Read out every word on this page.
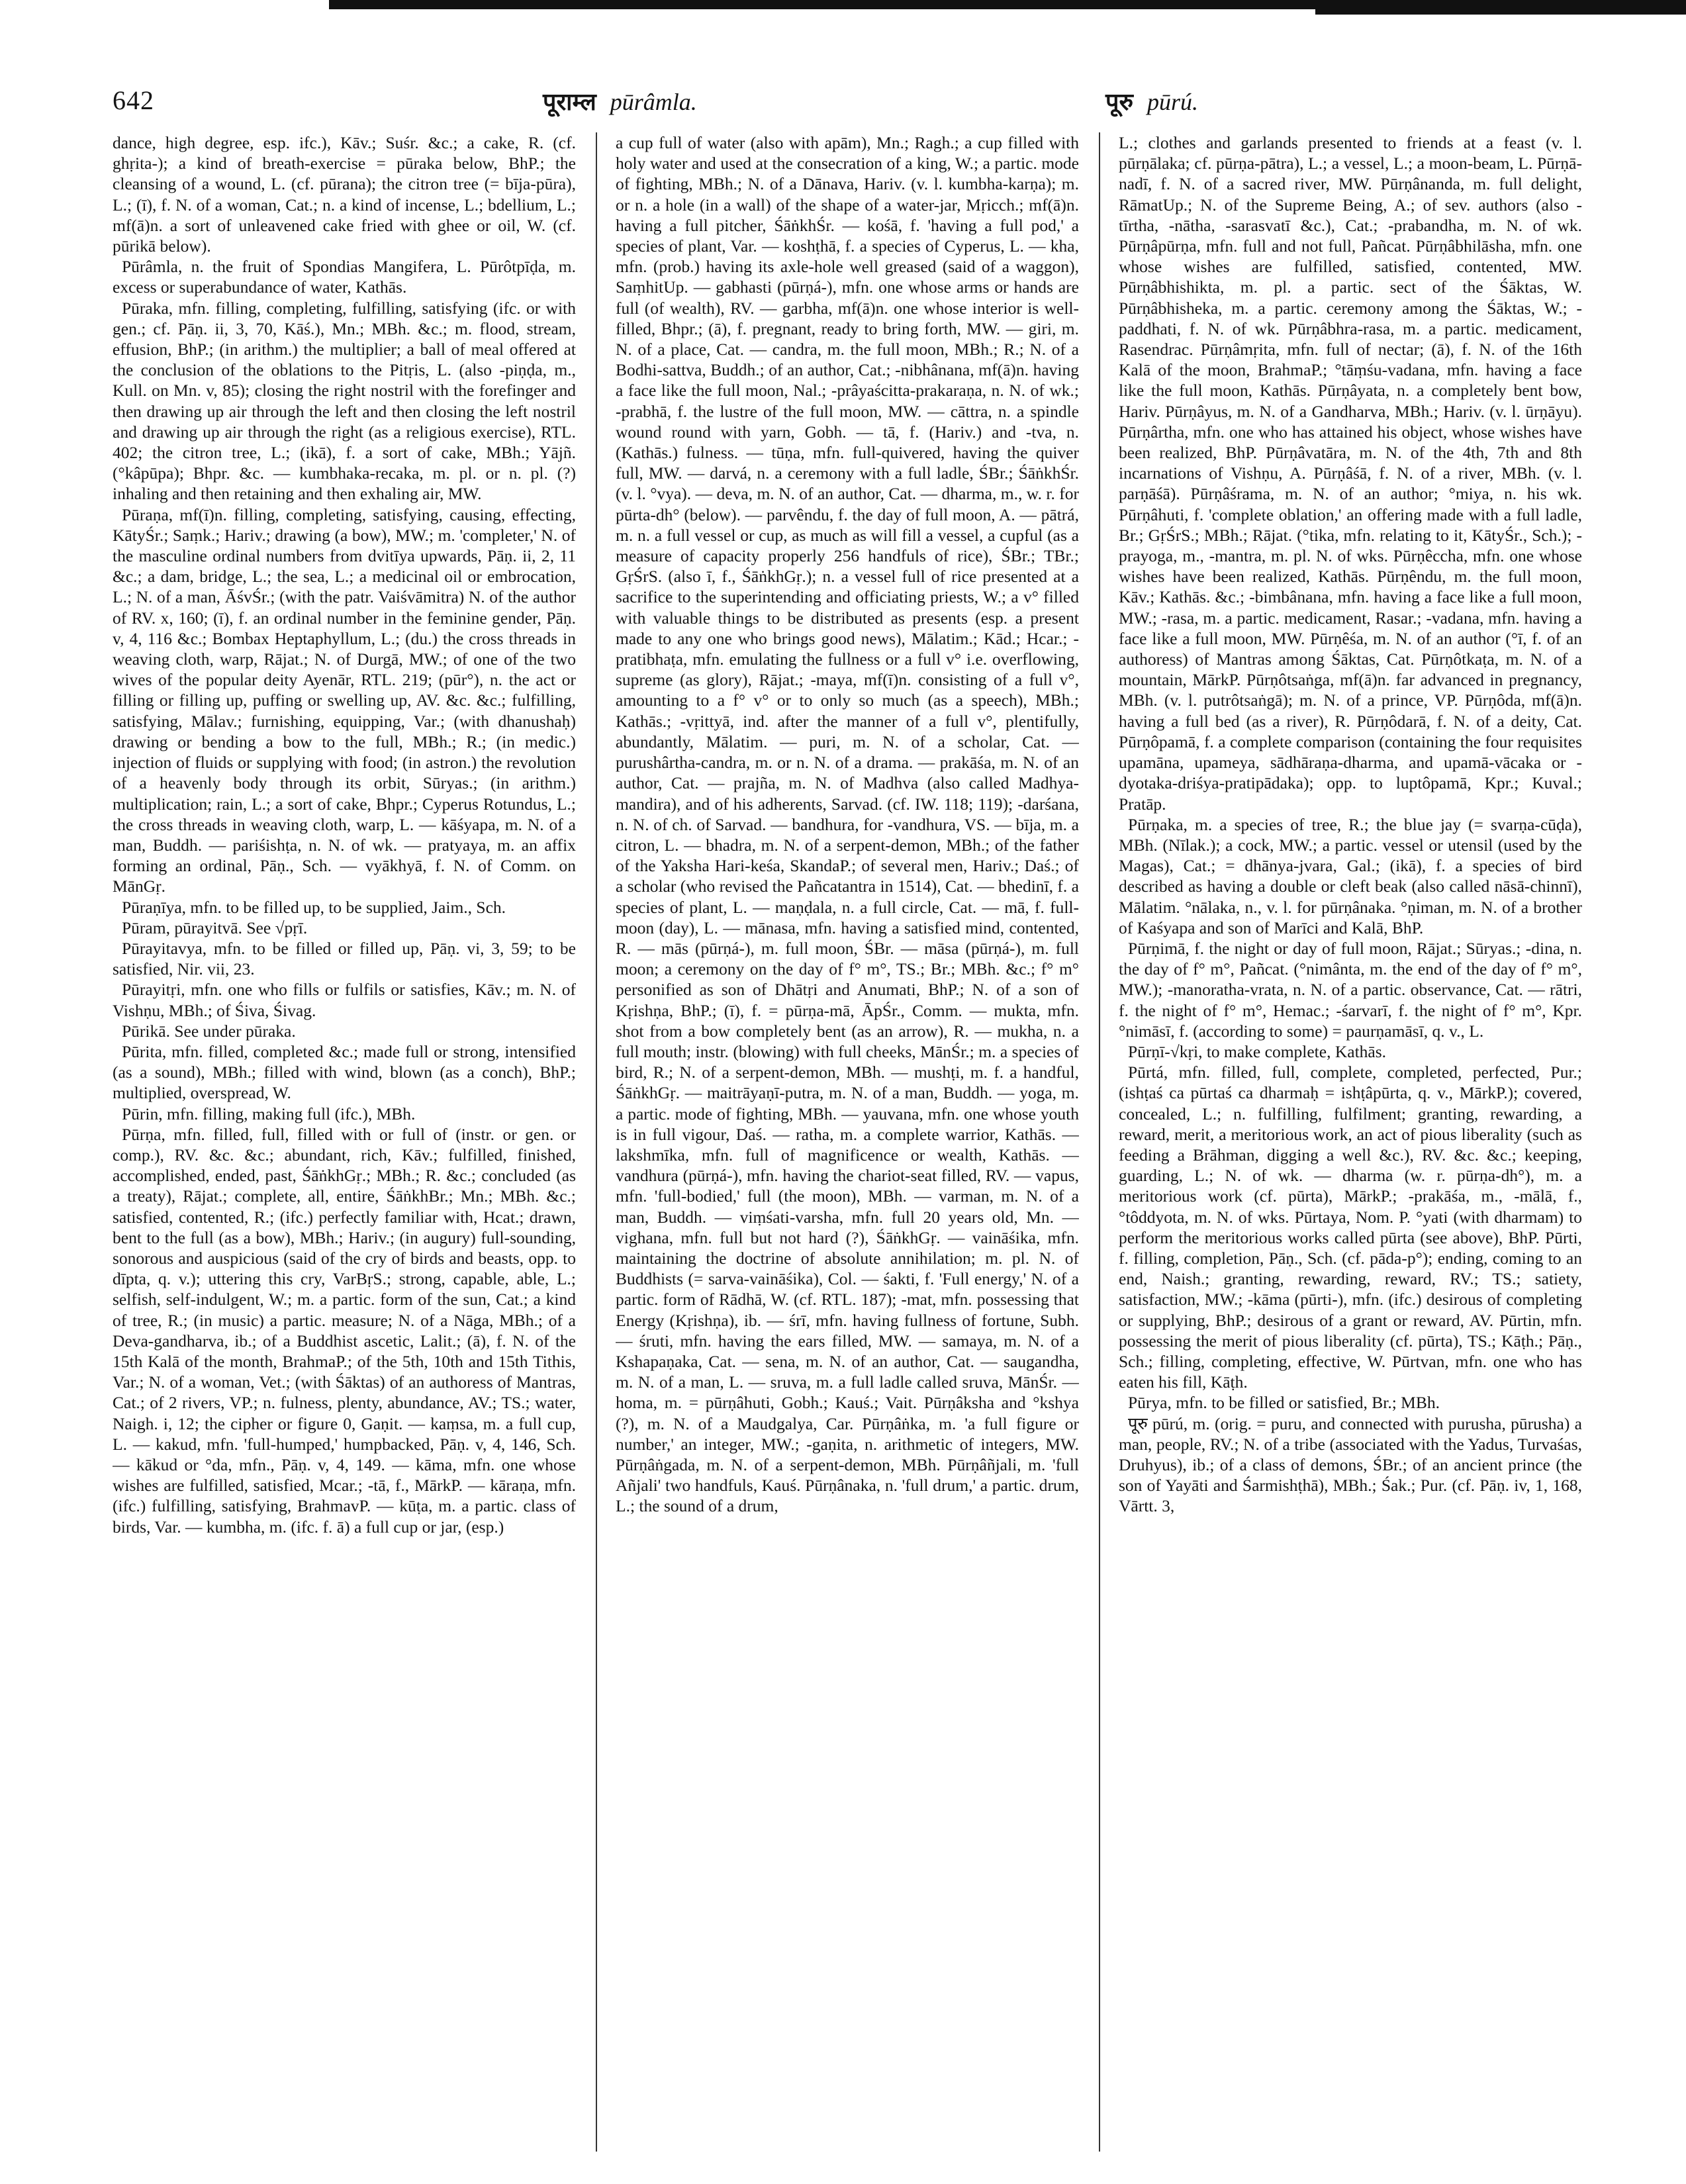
642	पूराम्ल pūrâmla.	पूरु pūrú.

dance, high degree, esp. ifc.), Kāv.; Suśr. &c.; a cake, R. (cf. ghṛita-); a kind of breath-exercise = pūraka below, BhP.; the cleansing of a wound, L. (cf. pūrana); the citron tree (= bīja-pūra), L.; (ī), f. N. of a woman, Cat.; n. a kind of incense, L.; bdellium, L.; mf(ā)n. a sort of unleavened cake fried with ghee or oil, W. (cf. pūrikā below).

Pūrâmla, n. the fruit of Spondias Mangifera, L. Pūrôtpīḍa, m. excess or superabundance of water, Kathās.

Pūraka, mfn. filling, completing, fulfilling, satisfying (ifc. or with gen.; cf. Pāṇ. ii, 3, 70, Kāś.), Mn.; MBh. &c.; m. flood, stream, effusion, BhP.; (in arithm.) the multiplier; a ball of meal offered at the conclusion of the oblations to the Pitṛis, L. (also -piṇḍa, m., Kull. on Mn. v, 85); closing the right nostril with the forefinger and then drawing up air through the left and then closing the left nostril and drawing up air through the right (as a religious exercise), RTL. 402; the citron tree, L.; (ikā), f. a sort of cake, MBh.; Yājñ. (°kâpūpa); Bhpr. &c. — kumbhaka-recaka, m. pl. or n. pl. (?) inhaling and then retaining and then exhaling air, MW.

Pūraṇa, mf(ī)n. filling, completing, satisfying, causing, effecting, KātyŚr.; Saṃk.; Hariv.; drawing (a bow), MW.; m. 'completer,' N. of the masculine ordinal numbers from dvitīya upwards, Pāṇ. ii, 2, 11 &c.; a dam, bridge, L.; the sea, L.; a medicinal oil or embrocation, L.; N. of a man, ĀśvŚr.; (with the patr. Vaiśvāmitra) N. of the author of RV. x, 160; (ī), f. an ordinal number in the feminine gender, Pāṇ. v, 4, 116 &c.; Bombax Heptaphyllum, L.; (du.) the cross threads in weaving cloth, warp, Rājat.; N. of Durgā, MW.; of one of the two wives of the popular deity Ayenār, RTL. 219; (pūr°), n. the act or filling or filling up, puffing or swelling up, AV. &c. &c.; fulfilling, satisfying, Mālav.; furnishing, equipping, Var.; (with dhanushaḥ) drawing or bending a bow to the full, MBh.; R.; (in medic.) injection of fluids or supplying with food; (in astron.) the revolution of a heavenly body through its orbit, Sūryas.; (in arithm.) multiplication; rain, L.; a sort of cake, Bhpr.; Cyperus Rotundus, L.; the cross threads in weaving cloth, warp, L. — kāśyapa, m. N. of a man, Buddh. — pariśishṭa, n. N. of wk. — pratyaya, m. an affix forming an ordinal, Pāṇ., Sch. — vyākhyā, f. N. of Comm. on MānGṛ.

Pūraṇīya, mfn. to be filled up, to be supplied, Jaim., Sch.

Pūram, pūrayitvā. See √pṛī.

Pūrayitavya, mfn. to be filled or filled up, Pāṇ. vi, 3, 59; to be satisfied, Nir. vii, 23.

Pūrayitṛi, mfn. one who fills or fulfils or satisfies, Kāv.; m. N. of Vishṇu, MBh.; of Śiva, Śivag.

Pūrikā. See under pūraka.

Pūrita, mfn. filled, completed &c.; made full or strong, intensified (as a sound), MBh.; filled with wind, blown (as a conch), BhP.; multiplied, overspread, W.

Pūrin, mfn. filling, making full (ifc.), MBh.

Pūrṇa, mfn. filled, full, filled with or full of (instr. or gen. or comp.), RV. &c. &c.; abundant, rich, Kāv.; fulfilled, finished, accomplished, ended, past, ŚāṅkhGṛ.; MBh.; R. &c.; concluded (as a treaty), Rājat.; complete, all, entire, ŚāṅkhBr.; Mn.; MBh. &c.; satisfied, contented, R.; (ifc.) perfectly familiar with, Hcat.; drawn, bent to the full (as a bow), MBh.; Hariv.; (in augury) full-sounding, sonorous and auspicious (said of the cry of birds and beasts, opp. to dīpta, q. v.); uttering this cry, VarBṛS.; strong, capable, able, L.; selfish, self-indulgent, W.; m. a partic. form of the sun, Cat.; a kind of tree, R.; (in music) a partic. measure; N. of a Nāga, MBh.; of a Deva-gandharva, ib.; of a Buddhist ascetic, Lalit.; (ā), f. N. of the 15th Kalā of the month, BrahmaP.; of the 5th, 10th and 15th Tithis, Var.; N. of a woman, Vet.; (with Śāktas) of an authoress of Mantras, Cat.; of 2 rivers, VP.; n. fulness, plenty, abundance, AV.; TS.; water, Naigh. i, 12; the cipher or figure 0, Gaṇit. — kaṃsa, m. a full cup, L. — kakud, mfn. 'full-humped,' humpbacked, Pāṇ. v, 4, 146, Sch. — kākud or °da, mfn., Pāṇ. v, 4, 149. — kāma, mfn. one whose wishes are fulfilled, satisfied, Mcar.; -tā, f., MārkP. — kāraṇa, mfn. (ifc.) fulfilling, satisfying, BrahmavP. — kūṭa, m. a partic. class of birds, Var. — kumbha, m. (ifc. f. ā) a full cup or jar, (esp.)

a cup full of water (also with apām), Mn.; Ragh.; a cup filled with holy water and used at the consecration of a king, W.; a partic. mode of fighting, MBh.; N. of a Dānava, Hariv. (v. l. kumbha-karṇa); m. or n. a hole (in a wall) of the shape of a water-jar, Mṛicch.; mf(ā)n. having a full pitcher, ŚāṅkhŚr. — kośā, f. 'having a full pod,' a species of plant, Var. — koshṭhā, f. a species of Cyperus, L. — kha, mfn. (prob.) having its axle-hole well greased (said of a waggon), SaṃhitUp. — gabhasti (pūrṇá-), mfn. one whose arms or hands are full (of wealth), RV. — garbha, mf(ā)n. one whose interior is well-filled, Bhpr.; (ā), f. pregnant, ready to bring forth, MW. — giri, m. N. of a place, Cat. — candra, m. the full moon, MBh.; R.; N. of a Bodhi-sattva, Buddh.; of an author, Cat.; -nibhânana, mf(ā)n. having a face like the full moon, Nal.; -prâyaścitta-prakaraṇa, n. N. of wk.; -prabhā, f. the lustre of the full moon, MW. — cāttra, n. a spindle wound round with yarn, Gobh. — tā, f. (Hariv.) and -tva, n. (Kathās.) fulness. — tūṇa, mfn. full-quivered, having the quiver full, MW. — darvá, n. a ceremony with a full ladle, ŚBr.; ŚāṅkhŚr. (v. l. °vya). — deva, m. N. of an author, Cat. — dharma, m., w. r. for pūrta-dh° (below). — parvêndu, f. the day of full moon, A. — pātrá, m. n. a full vessel or cup, as much as will fill a vessel, a cupful (as a measure of capacity properly 256 handfuls of rice), ŚBr.; TBr.; GṛŚrS. (also ī, f., ŚāṅkhGṛ.); n. a vessel full of rice presented at a sacrifice to the superintending and officiating priests, W.; a v° filled with valuable things to be distributed as presents (esp. a present made to any one who brings good news), Mālatim.; Kād.; Hcar.; -pratibhaṭa, mfn. emulating the fullness or a full v° i.e. overflowing, supreme (as glory), Rājat.; -maya, mf(ī)n. consisting of a full v°, amounting to a f° v° or to only so much (as a speech), MBh.; Kathās.; -vṛittyā, ind. after the manner of a full v°, plentifully, abundantly, Mālatim. — puri, m. N. of a scholar, Cat. — purushârtha-candra, m. or n. N. of a drama. — prakāśa, m. N. of an author, Cat. — prajña, m. N. of Madhva (also called Madhya-mandira), and of his adherents, Sarvad. (cf. IW. 118; 119); -darśana, n. N. of ch. of Sarvad. — bandhura, for -vandhura, VS. — bīja, m. a citron, L. — bhadra, m. N. of a serpent-demon, MBh.; of the father of the Yaksha Hari-keśa, SkandaP.; of several men, Hariv.; Daś.; of a scholar (who revised the Pañcatantra in 1514), Cat. — bhedinī, f. a species of plant, L. — maṇḍala, n. a full circle, Cat. — mā, f. full-moon (day), L. — mānasa, mfn. having a satisfied mind, contented, R. — mās (pūrṇá-), m. full moon, ŚBr. — māsa (pūrṇá-), m. full moon; a ceremony on the day of f° m°, TS.; Br.; MBh. &c.; f° m° personified as son of Dhātṛi and Anumati, BhP.; N. of a son of Kṛishṇa, BhP.; (ī), f. = pūrṇa-mā, ĀpŚr., Comm. — mukta, mfn. shot from a bow completely bent (as an arrow), R. — mukha, n. a full mouth; instr. (blowing) with full cheeks, MānŚr.; m. a species of bird, R.; N. of a serpent-demon, MBh. — mushṭi, m. f. a handful, ŚāṅkhGṛ. — maitrāyaṇī-putra, m. N. of a man, Buddh. — yoga, m. a partic. mode of fighting, MBh. — yauvana, mfn. one whose youth is in full vigour, Daś. — ratha, m. a complete warrior, Kathās. — lakshmīka, mfn. full of magnificence or wealth, Kathās. — vandhura (pūrṇá-), mfn. having the chariot-seat filled, RV. — vapus, mfn. 'full-bodied,' full (the moon), MBh. — varman, m. N. of a man, Buddh. — viṃśati-varsha, mfn. full 20 years old, Mn. — vighana, mfn. full but not hard (?), ŚāṅkhGṛ. — vaināśika, mfn. maintaining the doctrine of absolute annihilation; m. pl. N. of Buddhists (= sarva-vaināśika), Col. — śakti, f. 'Full energy,' N. of a partic. form of Rādhā, W. (cf. RTL. 187); -mat, mfn. possessing that Energy (Kṛishṇa), ib. — śrī, mfn. having fullness of fortune, Subh. — śruti, mfn. having the ears filled, MW. — samaya, m. N. of a Kshapaṇaka, Cat. — sena, m. N. of an author, Cat. — saugandha, m. N. of a man, L. — sruva, m. a full ladle called sruva, MānŚr. — homa, m. = pūrṇâhuti, Gobh.; Kauś.; Vait. Pūrṇâksha and °kshya (?), m. N. of a Maudgalya, Car. Pūrṇâṅka, m. 'a full figure or number,' an integer, MW.; -gaṇita, n. arithmetic of integers, MW. Pūrṇâṅgada, m. N. of a serpent-demon, MBh. Pūrṇâñjali, m. 'full Añjali' two handfuls, Kauś. Pūrṇânaka, n. 'full drum,' a partic. drum, L.; the sound of a drum,

L.; clothes and garlands presented to friends at a feast (v. l. pūrṇālaka; cf. pūrṇa-pātra), L.; a vessel, L.; a moon-beam, L. Pūrṇā-nadī, f. N. of a sacred river, MW. Pūrṇânanda, m. full delight, RāmatUp.; N. of the Supreme Being, A.; of sev. authors (also -tīrtha, -nātha, -sarasvatī &c.), Cat.; -prabandha, m. N. of wk. Pūrṇâpūrṇa, mfn. full and not full, Pañcat. Pūrṇâbhilāsha, mfn. one whose wishes are fulfilled, satisfied, contented, MW. Pūrṇâbhishikta, m. pl. a partic. sect of the Śāktas, W. Pūrṇâbhisheka, m. a partic. ceremony among the Śāktas, W.; -paddhati, f. N. of wk. Pūrṇâbhra-rasa, m. a partic. medicament, Rasendrac. Pūrṇâmṛita, mfn. full of nectar; (ā), f. N. of the 16th Kalā of the moon, BrahmaP.; °tāṃśu-vadana, mfn. having a face like the full moon, Kathās. Pūrṇâyata, n. a completely bent bow, Hariv. Pūrṇâyus, m. N. of a Gandharva, MBh.; Hariv. (v. l. ūrṇāyu). Pūrṇârtha, mfn. one who has attained his object, whose wishes have been realized, BhP. Pūrṇâvatāra, m. N. of the 4th, 7th and 8th incarnations of Vishṇu, A. Pūrṇâśā, f. N. of a river, MBh. (v. l. parṇāśā). Pūrṇâśrama, m. N. of an author; °miya, n. his wk. Pūrṇâhuti, f. 'complete oblation,' an offering made with a full ladle, Br.; GṛŚrS.; MBh.; Rājat. (°tika, mfn. relating to it, KātyŚr., Sch.); -prayoga, m., -mantra, m. pl. N. of wks. Pūrṇêccha, mfn. one whose wishes have been realized, Kathās. Pūrṇêndu, m. the full moon, Kāv.; Kathās. &c.; -bimbânana, mfn. having a face like a full moon, MW.; -rasa, m. a partic. medicament, Rasar.; -vadana, mfn. having a face like a full moon, MW. Pūrṇêśa, m. N. of an author (°ī, f. of an authoress) of Mantras among Śāktas, Cat. Pūrṇôtkaṭa, m. N. of a mountain, MārkP. Pūrṇôtsaṅga, mf(ā)n. far advanced in pregnancy, MBh. (v. l. putrôtsaṅgā); m. N. of a prince, VP. Pūrṇôda, mf(ā)n. having a full bed (as a river), R. Pūrṇôdarā, f. N. of a deity, Cat. Pūrṇôpamā, f. a complete comparison (containing the four requisites upamāna, upameya, sādhāraṇa-dharma, and upamā-vācaka or -dyotaka-driśya-pratipādaka); opp. to luptôpamā, Kpr.; Kuval.; Pratāp.

Pūrṇaka, m. a species of tree, R.; the blue jay (= svarṇa-cūḍa), MBh. (Nīlak.); a cock, MW.; a partic. vessel or utensil (used by the Magas), Cat.; = dhānya-jvara, Gal.; (ikā), f. a species of bird described as having a double or cleft beak (also called nāsā-chinnī), Mālatim. °nālaka, n., v. l. for pūrṇânaka. °ṇiman, m. N. of a brother of Kaśyapa and son of Marīci and Kalā, BhP.

Pūrṇimā, f. the night or day of full moon, Rājat.; Sūryas.; -dina, n. the day of f° m°, Pañcat. (°nimânta, m. the end of the day of f° m°, MW.); -manoratha-vrata, n. N. of a partic. observance, Cat. — rātri, f. the night of f° m°, Hemac.; -śarvarī, f. the night of f° m°, Kpr. °nimāsī, f. (according to some) = paurṇamāsī, q. v., L.

Pūrṇī-√kṛi, to make complete, Kathās.

Pūrtá, mfn. filled, full, complete, completed, perfected, Pur.; (ishṭaś ca pūrtaś ca dharmaḥ = ishṭâpūrta, q. v., MārkP.); covered, concealed, L.; n. fulfilling, fulfilment; granting, rewarding, a reward, merit, a meritorious work, an act of pious liberality (such as feeding a Brāhman, digging a well &c.), RV. &c. &c.; keeping, guarding, L.; N. of wk. — dharma (w. r. pūrṇa-dh°), m. a meritorious work (cf. pūrta), MārkP.; -prakāśa, m., -mālā, f., °tôddyota, m. N. of wks. Pūrtaya, Nom. P. °yati (with dharmam) to perform the meritorious works called pūrta (see above), BhP. Pūrti, f. filling, completion, Pāṇ., Sch. (cf. pāda-p°); ending, coming to an end, Naish.; granting, rewarding, reward, RV.; TS.; satiety, satisfaction, MW.; -kāma (pūrti-), mfn. (ifc.) desirous of completing or supplying, BhP.; desirous of a grant or reward, AV. Pūrtin, mfn. possessing the merit of pious liberality (cf. pūrta), TS.; Kāṭh.; Pāṇ., Sch.; filling, completing, effective, W. Pūrtvan, mfn. one who has eaten his fill, Kāṭh.

Pūrya, mfn. to be filled or satisfied, Br.; MBh.

पूरु pūrú, m. (orig. = puru, and connected with purusha, pūrusha) a man, people, RV.; N. of a tribe (associated with the Yadus, Turvaśas, Druhyus), ib.; of a class of demons, ŚBr.; of an ancient prince (the son of Yayāti and Śarmishṭhā), MBh.; Śak.; Pur. (cf. Pāṇ. iv, 1, 168, Vārtt. 3,
